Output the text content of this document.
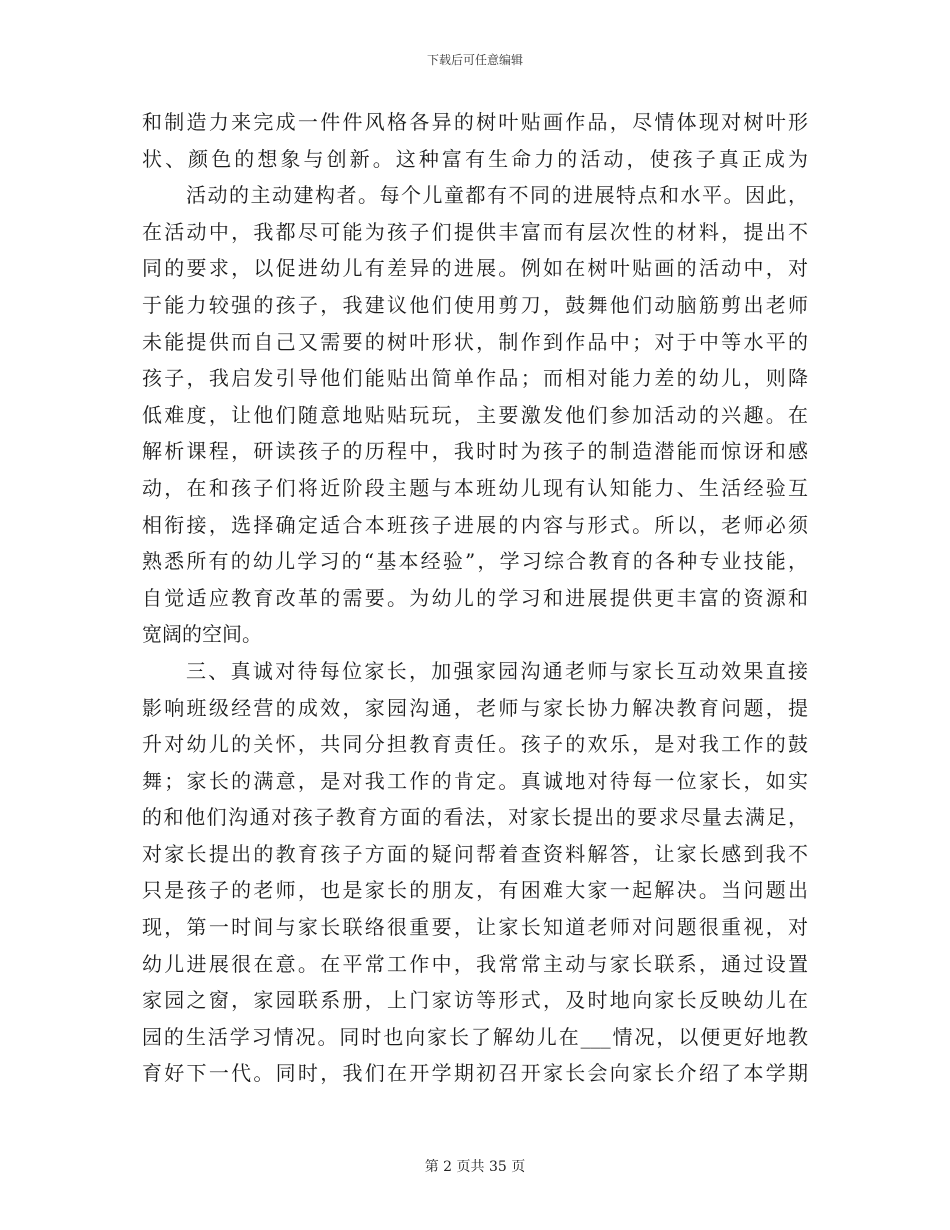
下载后可任意编辑
和制造力来完成一件件风格各异的树叶贴画作品，尽情体现对树叶形
状、颜色的想象与创新。这种富有生命力的活动，使孩子真正成为
活动的主动建构者。每个儿童都有不同的进展特点和水平。因此，
在活动中，我都尽可能为孩子们提供丰富而有层次性的材料，提出不
同的要求，以促进幼儿有差异的进展。例如在树叶贴画的活动中，对
于能力较强的孩子，我建议他们使用剪刀，鼓舞他们动脑筋剪出老师
未能提供而自己又需要的树叶形状，制作到作品中；对于中等水平的
孩子，我启发引导他们能贴出简单作品；而相对能力差的幼儿，则降
低难度，让他们随意地贴贴玩玩，主要激发他们参加活动的兴趣。在
解析课程，研读孩子的历程中，我时时为孩子的制造潜能而惊讶和感
动，在和孩子们将近阶段主题与本班幼儿现有认知能力、生活经验互
相衔接，选择确定适合本班孩子进展的内容与形式。所以，老师必须
熟悉所有的幼儿学习的“基本经验”，学习综合教育的各种专业技能，
自觉适应教育改革的需要。为幼儿的学习和进展提供更丰富的资源和
宽阔的空间。
三、真诚对待每位家长，加强家园沟通老师与家长互动效果直接
影响班级经营的成效，家园沟通，老师与家长协力解决教育问题，提
升对幼儿的关怀，共同分担教育责任。孩子的欢乐，是对我工作的鼓
舞；家长的满意，是对我工作的肯定。真诚地对待每一位家长，如实
的和他们沟通对孩子教育方面的看法，对家长提出的要求尽量去满足，
对家长提出的教育孩子方面的疑问帮着查资料解答，让家长感到我不
只是孩子的老师，也是家长的朋友，有困难大家一起解决。当问题出
现，第一时间与家长联络很重要，让家长知道老师对问题很重视，对
幼儿进展很在意。在平常工作中，我常常主动与家长联系，通过设置
家园之窗，家园联系册，上门家访等形式，及时地向家长反映幼儿在
园的生活学习情况。同时也向家长了解幼儿在___情况，以便更好地教
育好下一代。同时，我们在开学期初召开家长会向家长介绍了本学期
第 2 页共 35 页
